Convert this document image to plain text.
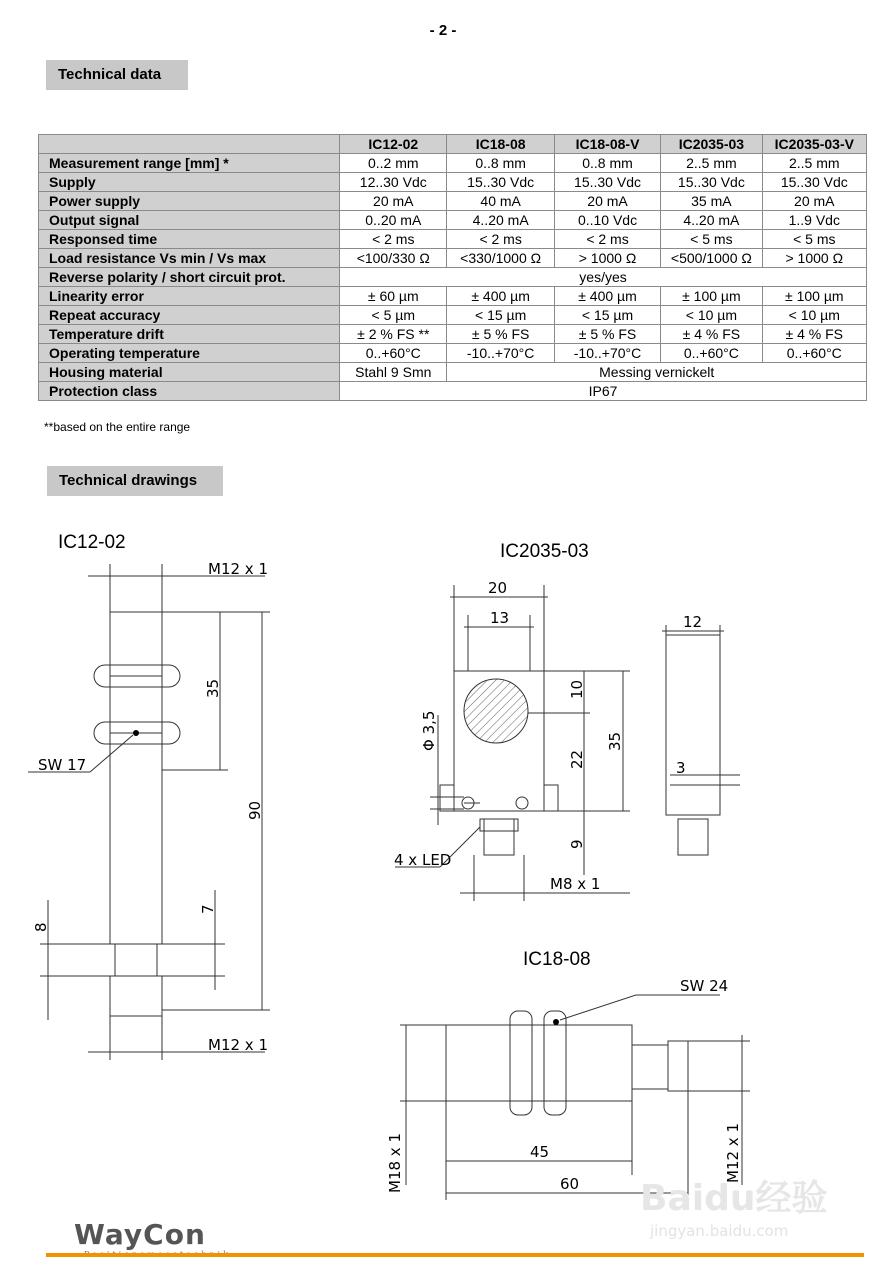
- 2 -
Technical data
	IC12-02	IC18-08	IC18-08-V	IC2035-03	IC2035-03-V
Measurement range [mm] *	0..2 mm	0..8 mm	0..8 mm	2..5 mm	2..5 mm
Supply	12..30 Vdc	15..30 Vdc	15..30 Vdc	15..30 Vdc	15..30 Vdc
Power supply	20 mA	40 mA	20 mA	35 mA	20 mA
Output signal	0..20 mA	4..20 mA	0..10 Vdc	4..20 mA	1..9 Vdc
Responsed time	< 2 ms	< 2 ms	< 2 ms	< 5 ms	< 5 ms
Load resistance Vs min / Vs max	<100/330 Ω	<330/1000 Ω	> 1000 Ω	<500/1000 Ω	> 1000 Ω
Reverse polarity / short circuit prot.	yes/yes				
Linearity error	± 60 µm	± 400 µm	± 400 µm	± 100 µm	± 100 µm
Repeat accuracy	< 5 µm	< 15 µm	< 15 µm	< 10 µm	< 10 µm
Temperature drift	± 2 % FS **	± 5 % FS	± 5 % FS	± 4 % FS	± 4 % FS
Operating temperature	0..+60°C	-10..+70°C	-10..+70°C	0..+60°C	0..+60°C
Housing material	Stahl 9 Smn	Messing vernickelt			
Protection class	IP67				
**based on the entire range
Technical drawings
IC12-02	IC2035-03
IC18-08
M12 x 1
35
SW 17
90
8
7
M12 x 1
20
13	12
10
Φ 3,5
22
35
3
9
4 x LED
M8 x 1
SW 24
M18 x 1	45
60
M12 x 1
Baidu经验
jingyan.baidu.com
WayCon
